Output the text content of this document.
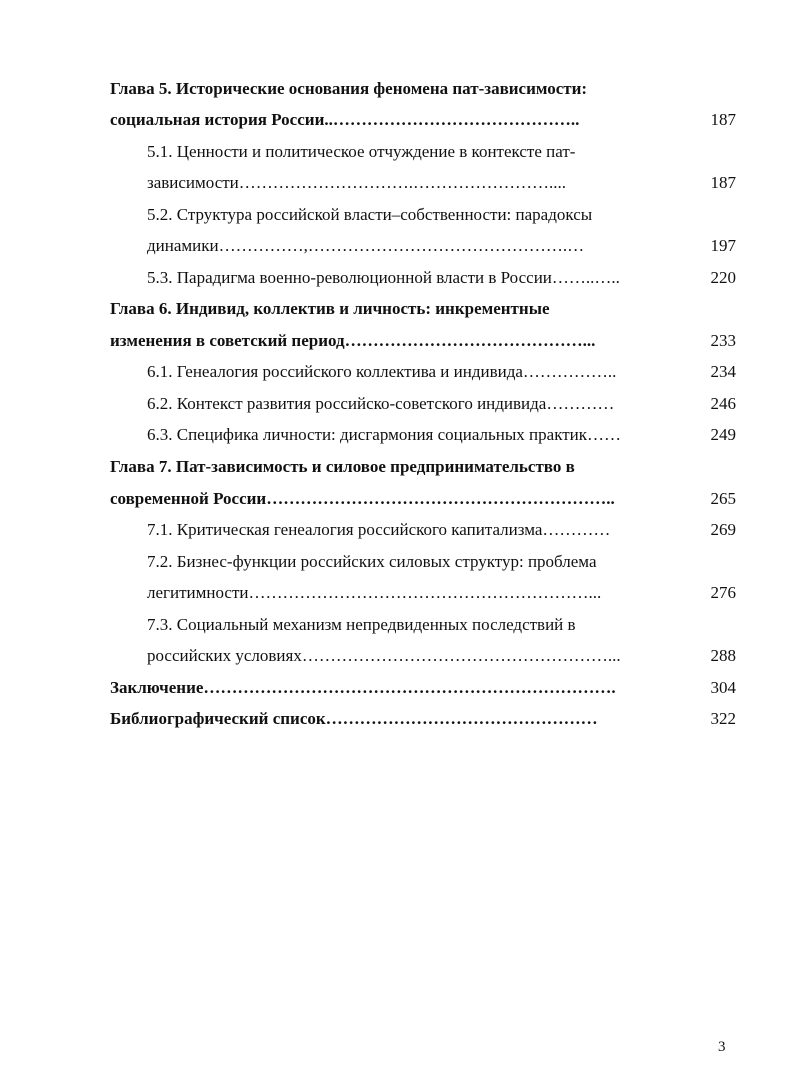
Глава 5. Исторические основания феномена пат-зависимости:
социальная история России..……………………………………..	187
5.1. Ценности и политическое отчуждение в контексте пат-
зависимости………………………….……………………....	187
5.2. Структура российской власти–собственности: парадоксы
динамики……………,……………………………………….…	197
5.3. Парадигма военно-революционной власти в России……..…..	220
Глава 6. Индивид, коллектив и личность: инкрементные
изменения в советский период……………………………………...	233
6.1. Генеалогия российского коллектива и индивида……………..	234
6.2. Контекст развития российско-советского индивида…………	246
6.3. Специфика личности: дисгармония социальных практик……	249
Глава 7. Пат-зависимость и силовое предпринимательство в
современной России……………………………………………………..	265
7.1. Критическая генеалогия российского капитализма…………	269
7.2. Бизнес-функции российских силовых структур: проблема
легитимности……………………………………………………...	276
7.3. Социальный механизм непредвиденных последствий в
российских условиях………………………………………………...	288
Заключение……………………………………………………………….	304
Библиографический список…………………………………………	322
3
